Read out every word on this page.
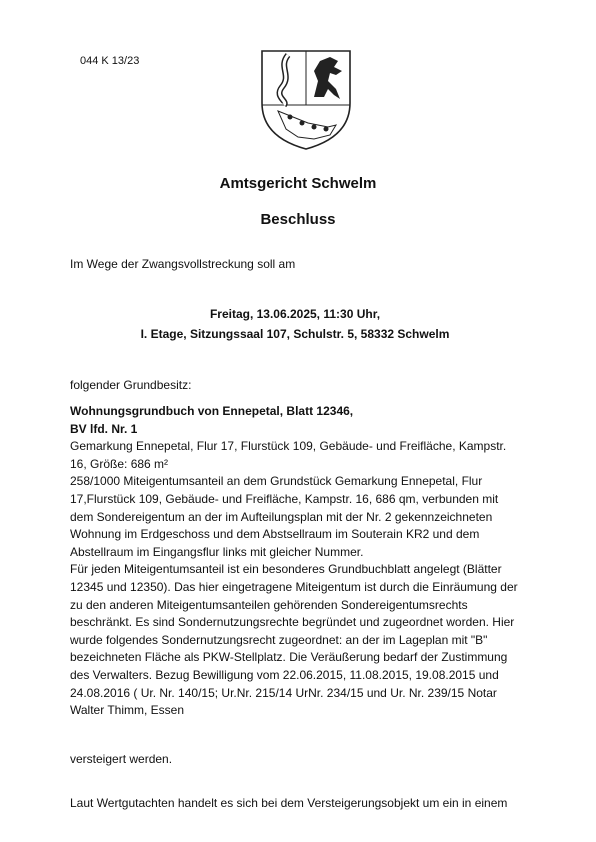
044 K 13/23
Amtsgericht Schwelm
Beschluss
Im Wege der Zwangsvollstreckung soll am
Freitag, 13.06.2025, 11:30 Uhr,
I. Etage, Sitzungssaal 107, Schulstr. 5, 58332 Schwelm
folgender Grundbesitz:

Wohnungsgrundbuch von Ennepetal, Blatt 12346,

BV lfd. Nr. 1

Gemarkung Ennepetal, Flur 17, Flurstück 109, Gebäude- und Freifläche, Kampstr.

16, Größe: 686 m²

258/1000 Miteigentumsanteil an dem Grundstück Gemarkung Ennepetal, Flur

17,Flurstück 109, Gebäude- und Freifläche, Kampstr. 16, 686 qm, verbunden mit

dem Sondereigentum an der im Aufteilungsplan mit der Nr. 2 gekennzeichneten

Wohnung im Erdgeschoss und dem Abstsellraum im Souterain KR2 und dem

Abstellraum im Eingangsflur links mit gleicher Nummer.

Für jeden Miteigentumsanteil ist ein besonderes Grundbuchblatt angelegt (Blätter

12345 und 12350). Das hier eingetragene Miteigentum ist durch die Einräumung der

zu den anderen Miteigentumsanteilen gehörenden Sondereigentumsrechts

beschränkt. Es sind Sondernutzungsrechte begründet und zugeordnet worden. Hier

wurde folgendes Sondernutzungsrecht zugeordnet: an der im Lageplan mit "B"

bezeichneten Fläche als PKW-Stellplatz. Die Veräußerung bedarf der Zustimmung

des Verwalters. Bezug Bewilligung vom 22.06.2015, 11.08.2015, 19.08.2015 und

24.08.2016 ( Ur. Nr. 140/15; Ur.Nr. 215/14 UrNr. 234/15 und Ur. Nr. 239/15 Notar

Walter Thimm, Essen

versteigert werden.
Laut Wertgutachten handelt es sich bei dem Versteigerungsobjekt um ein in einem
